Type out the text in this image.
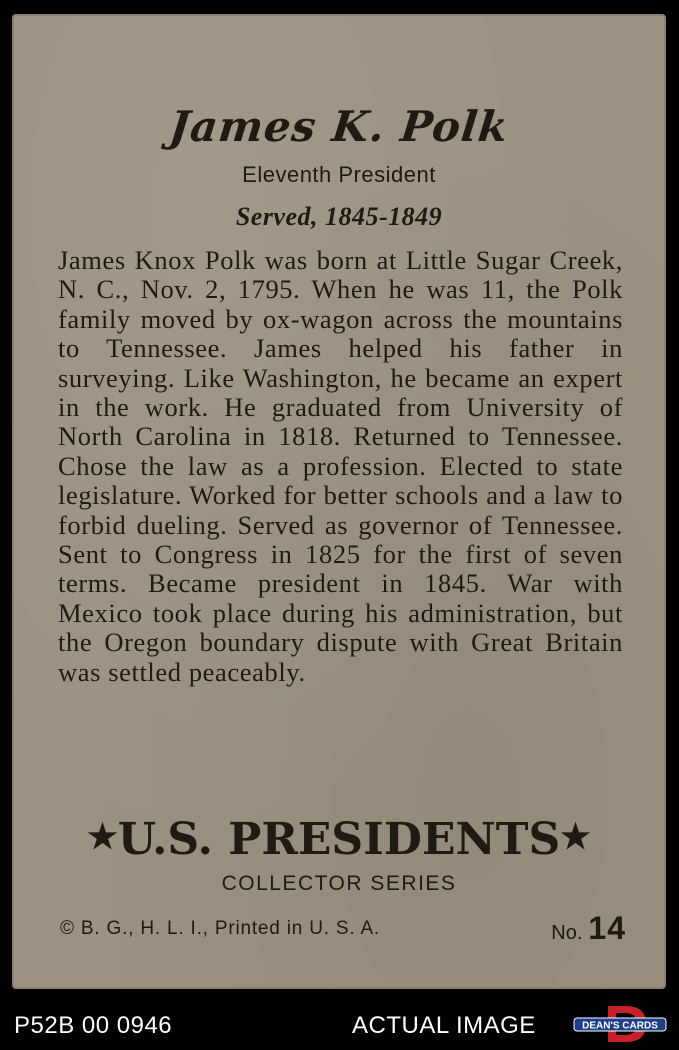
James K. Polk
Eleventh President
Served, 1845-1849

James Knox Polk was born at Little Sugar Creek, N. C., Nov. 2, 1795. When he was 11, the Polk family moved by ox-wagon across the mountains to Tennessee. James helped his father in surveying. Like Washington, he became an expert in the work. He graduated from University of North Carolina in 1818. Returned to Tennessee. Chose the law as a profession. Elected to state legislature. Worked for better schools and a law to forbid dueling. Served as governor of Tennessee. Sent to Congress in 1825 for the first of seven terms. Became president in 1845. War with Mexico took place during his administration, but the Oregon boundary dispute with Great Britain was settled peaceably.

★U.S. PRESIDENTS★
COLLECTOR SERIES
© B. G., H. L. I., Printed in U. S. A.	No. 14
P52B 00 0946	ACTUAL IMAGE	DEAN'S CARDS
